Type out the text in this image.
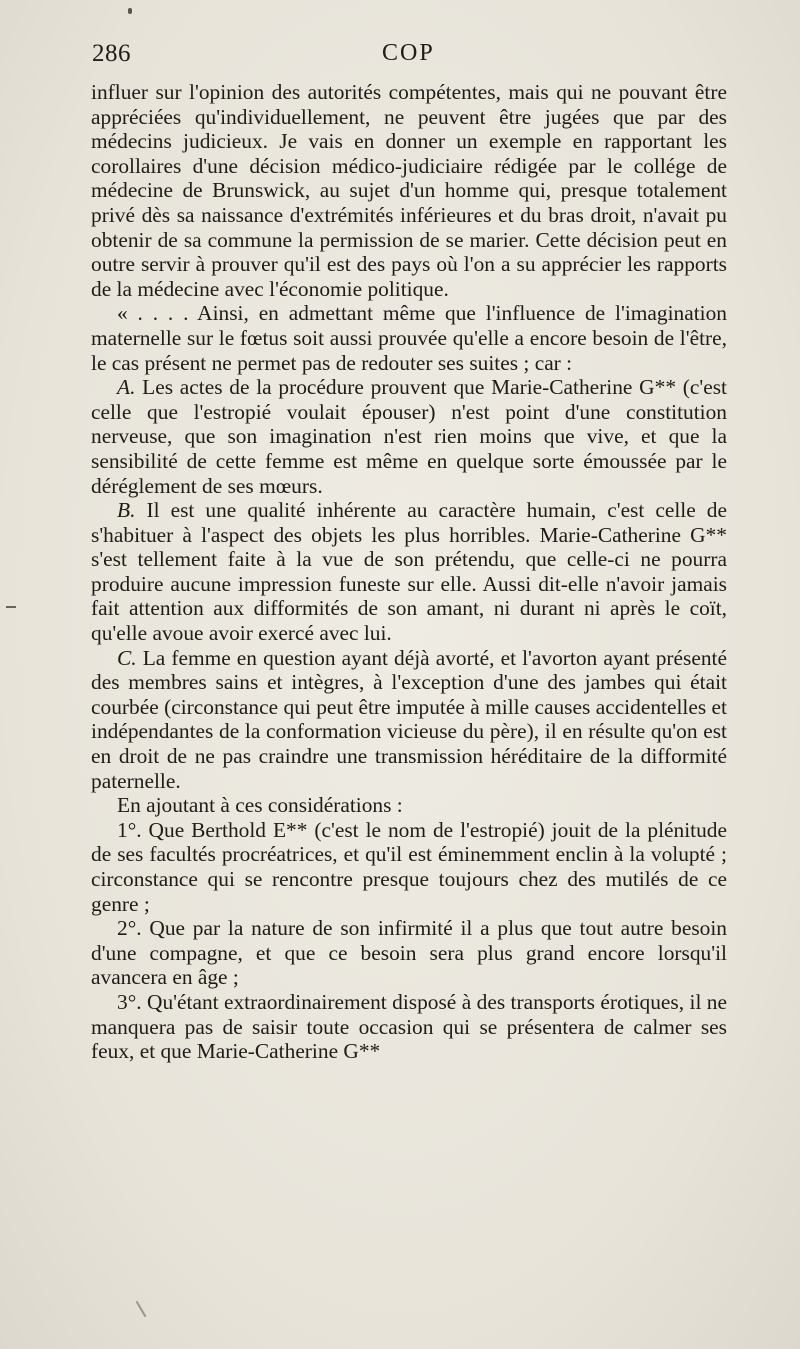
286	COP

influer sur l'opinion des autorités compétentes, mais qui ne pouvant être appréciées qu'individuellement, ne peuvent être jugées que par des médecins judicieux. Je vais en donner un exemple en rapportant les corollaires d'une décision médico-judiciaire rédigée par le collége de médecine de Brunswick, au sujet d'un homme qui, presque totalement privé dès sa naissance d'extrémités inférieures et du bras droit, n'avait pu obtenir de sa commune la permission de se marier. Cette décision peut en outre servir à prouver qu'il est des pays où l'on a su apprécier les rapports de la médecine avec l'économie politique.

« . . . . Ainsi, en admettant même que l'influence de l'imagination maternelle sur le fœtus soit aussi prouvée qu'elle a encore besoin de l'être, le cas présent ne permet pas de redouter ses suites ; car :

A. Les actes de la procédure prouvent que Marie-Catherine G** (c'est celle que l'estropié voulait épouser) n'est point d'une constitution nerveuse, que son imagination n'est rien moins que vive, et que la sensibilité de cette femme est même en quelque sorte émoussée par le déréglement de ses mœurs.

B. Il est une qualité inhérente au caractère humain, c'est celle de s'habituer à l'aspect des objets les plus horribles. Marie-Catherine G** s'est tellement faite à la vue de son prétendu, que celle-ci ne pourra produire aucune impression funeste sur elle. Aussi dit-elle n'avoir jamais fait attention aux difformités de son amant, ni durant ni après le coït, qu'elle avoue avoir exercé avec lui.

C. La femme en question ayant déjà avorté, et l'avorton ayant présenté des membres sains et intègres, à l'exception d'une des jambes qui était courbée (circonstance qui peut être imputée à mille causes accidentelles et indépendantes de la conformation vicieuse du père), il en résulte qu'on est en droit de ne pas craindre une transmission héréditaire de la difformité paternelle.

En ajoutant à ces considérations :

1°. Que Berthold E** (c'est le nom de l'estropié) jouit de la plénitude de ses facultés procréatrices, et qu'il est éminemment enclin à la volupté ; circonstance qui se rencontre presque toujours chez des mutilés de ce genre ;

2°. Que par la nature de son infirmité il a plus que tout autre besoin d'une compagne, et que ce besoin sera plus grand encore lorsqu'il avancera en âge ;

3°. Qu'étant extraordinairement disposé à des transports érotiques, il ne manquera pas de saisir toute occasion qui se présentera de calmer ses feux, et que Marie-Catherine G**
